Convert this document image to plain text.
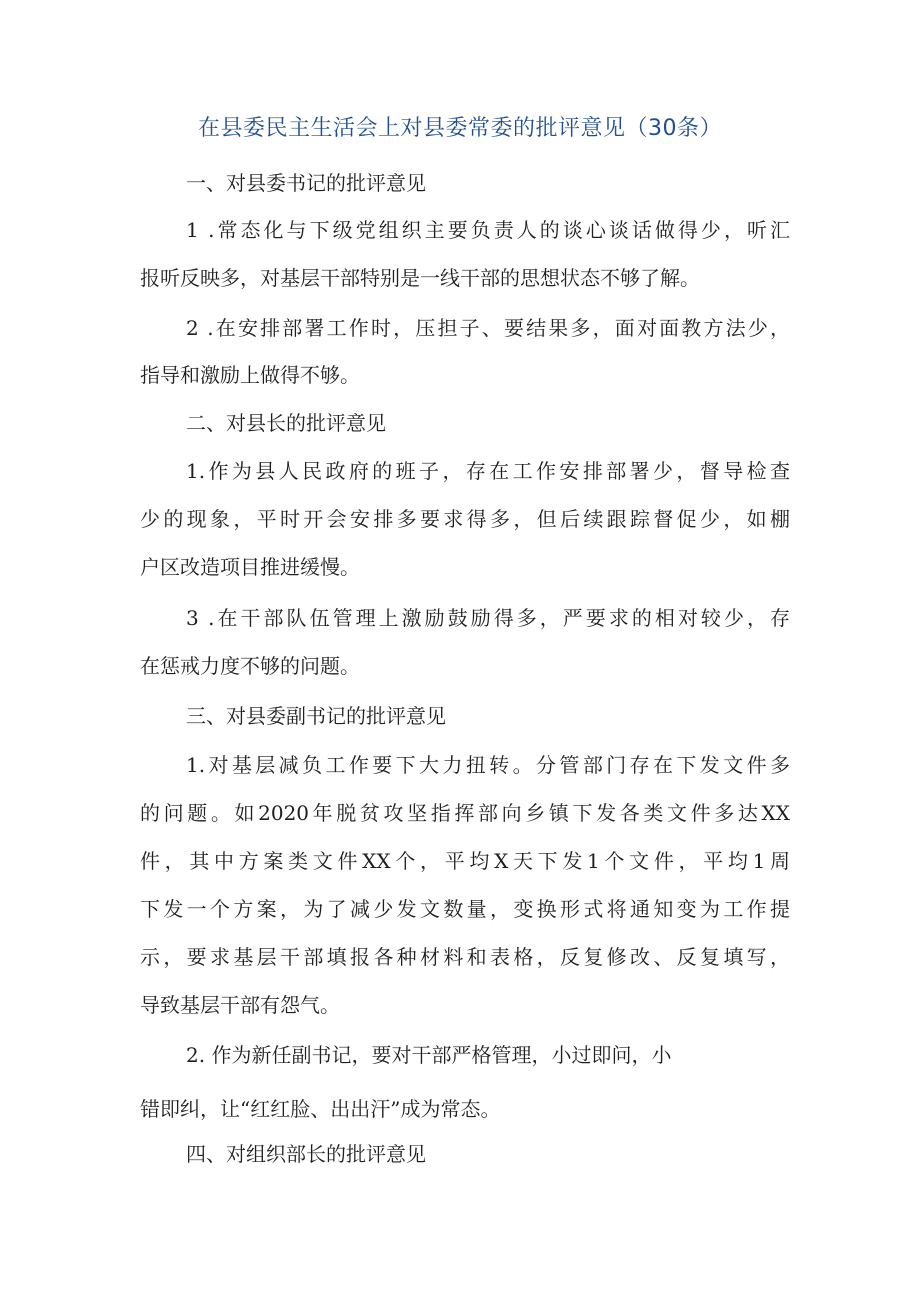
在县委民主生活会上对县委常委的批评意见（30条）
一、对县委书记的批评意见
1 .常态化与下级党组织主要负责人的谈心谈话做得少，听汇
报听反映多，对基层干部特别是一线干部的思想状态不够了解。
2 .在安排部署工作时，压担子、要结果多，面对面教方法少，
指导和激励上做得不够。
二、对县长的批评意见
1.作为县人民政府的班子，存在工作安排部署少，督导检查
少的现象，平时开会安排多要求得多，但后续跟踪督促少，如棚
户区改造项目推进缓慢。
3 .在干部队伍管理上激励鼓励得多，严要求的相对较少，存
在惩戒力度不够的问题。
三、对县委副书记的批评意见
1.对基层减负工作要下大力扭转。分管部门存在下发文件多
的问题。如2020年脱贫攻坚指挥部向乡镇下发各类文件多达XX
件，其中方案类文件XX个，平均X天下发1个文件，平均1周
下发一个方案，为了减少发文数量，变换形式将通知变为工作提
示，要求基层干部填报各种材料和表格，反复修改、反复填写，
导致基层干部有怨气。
2. 作为新任副书记，要对干部严格管理，小过即问，小
错即纠，让“红红脸、出出汗”成为常态。
四、对组织部长的批评意见
